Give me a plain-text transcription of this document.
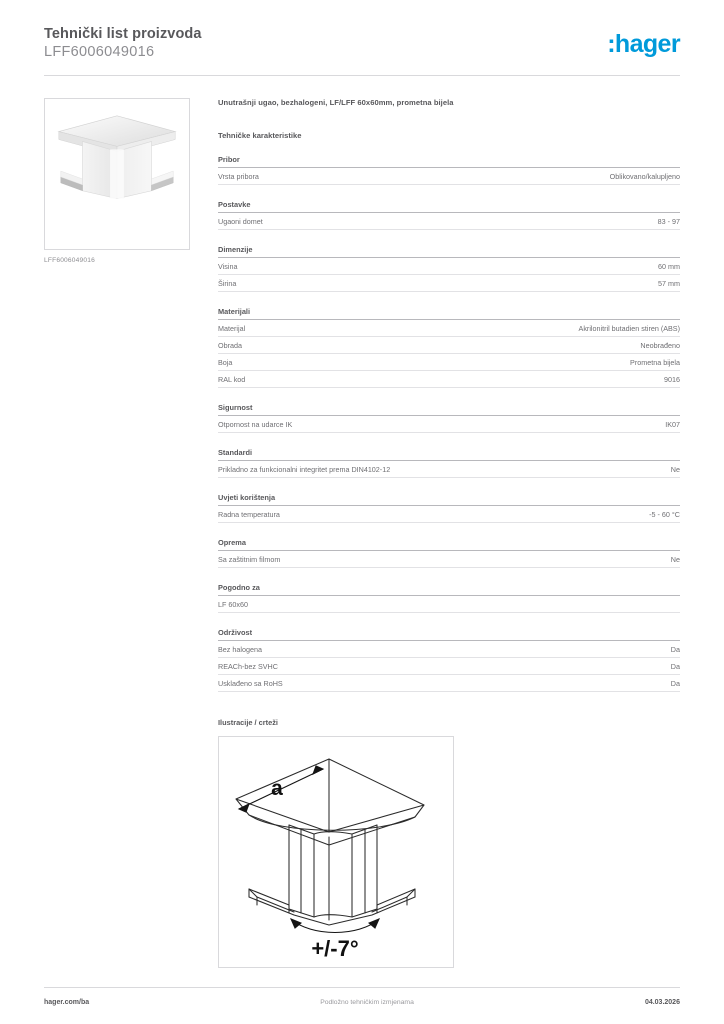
Tehnički list proizvoda
LFF6006049016	:hager
LFF6006049016
Unutrašnji ugao, bezhalogeni, LF/LFF 60x60mm, prometna bijela
Tehničke karakteristike
Pribor
Vrsta pribora	Oblikovano/kalupljeno
Postavke
Ugaoni domet	83 - 97
Dimenzije
Visina	60 mm
Širina	57 mm
Materijali
Materijal	Akrilonitril butadien stiren (ABS)
Obrada	Neobrađeno
Boja	Prometna bijela
RAL kod	9016
Sigurnost
Otpornost na udarce IK	IK07
Standardi
Prikladno za funkcionalni integritet prema DIN4102-12	Ne
Uvjeti korištenja
Radna temperatura	-5 - 60 °C
Oprema
Sa zaštitnim filmom	Ne
Pogodno za
LF 60x60
Održivost
Bez halogena	Da
REACh-bez SVHC	Da
Usklađeno sa RoHS	Da
Ilustracije / crteži
a
+/-7°
hager.com/ba	Podložno tehničkim izmjenama	04.03.2026
